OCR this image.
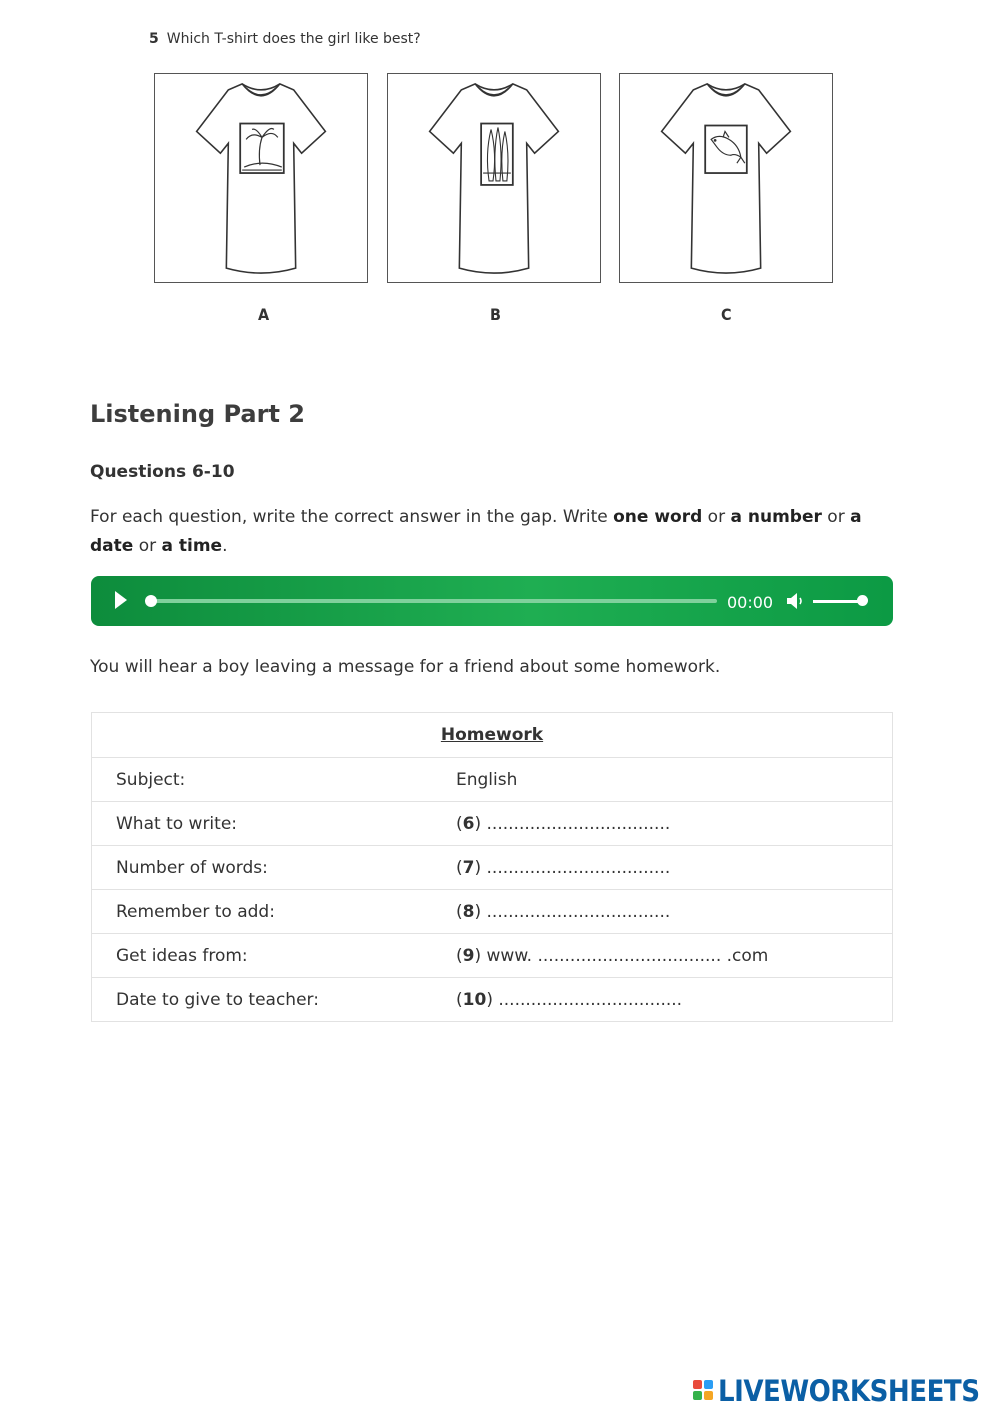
5 Which T-shirt does the girl like best?
A	B	C
Listening Part 2
Questions 6-10

For each question, write the correct answer in the gap. Write one word or a number or a date or a time.

00:00

You will hear a boy leaving a message for a friend about some homework.

Homework	
Subject:	English
What to write:	(6) ..................................
Number of words:	(7) ..................................
Remember to add:	(8) ..................................
Get ideas from:	(9) www. .................................. .com
Date to give to teacher:	(10) ..................................
LIVEWORKSHEETS
